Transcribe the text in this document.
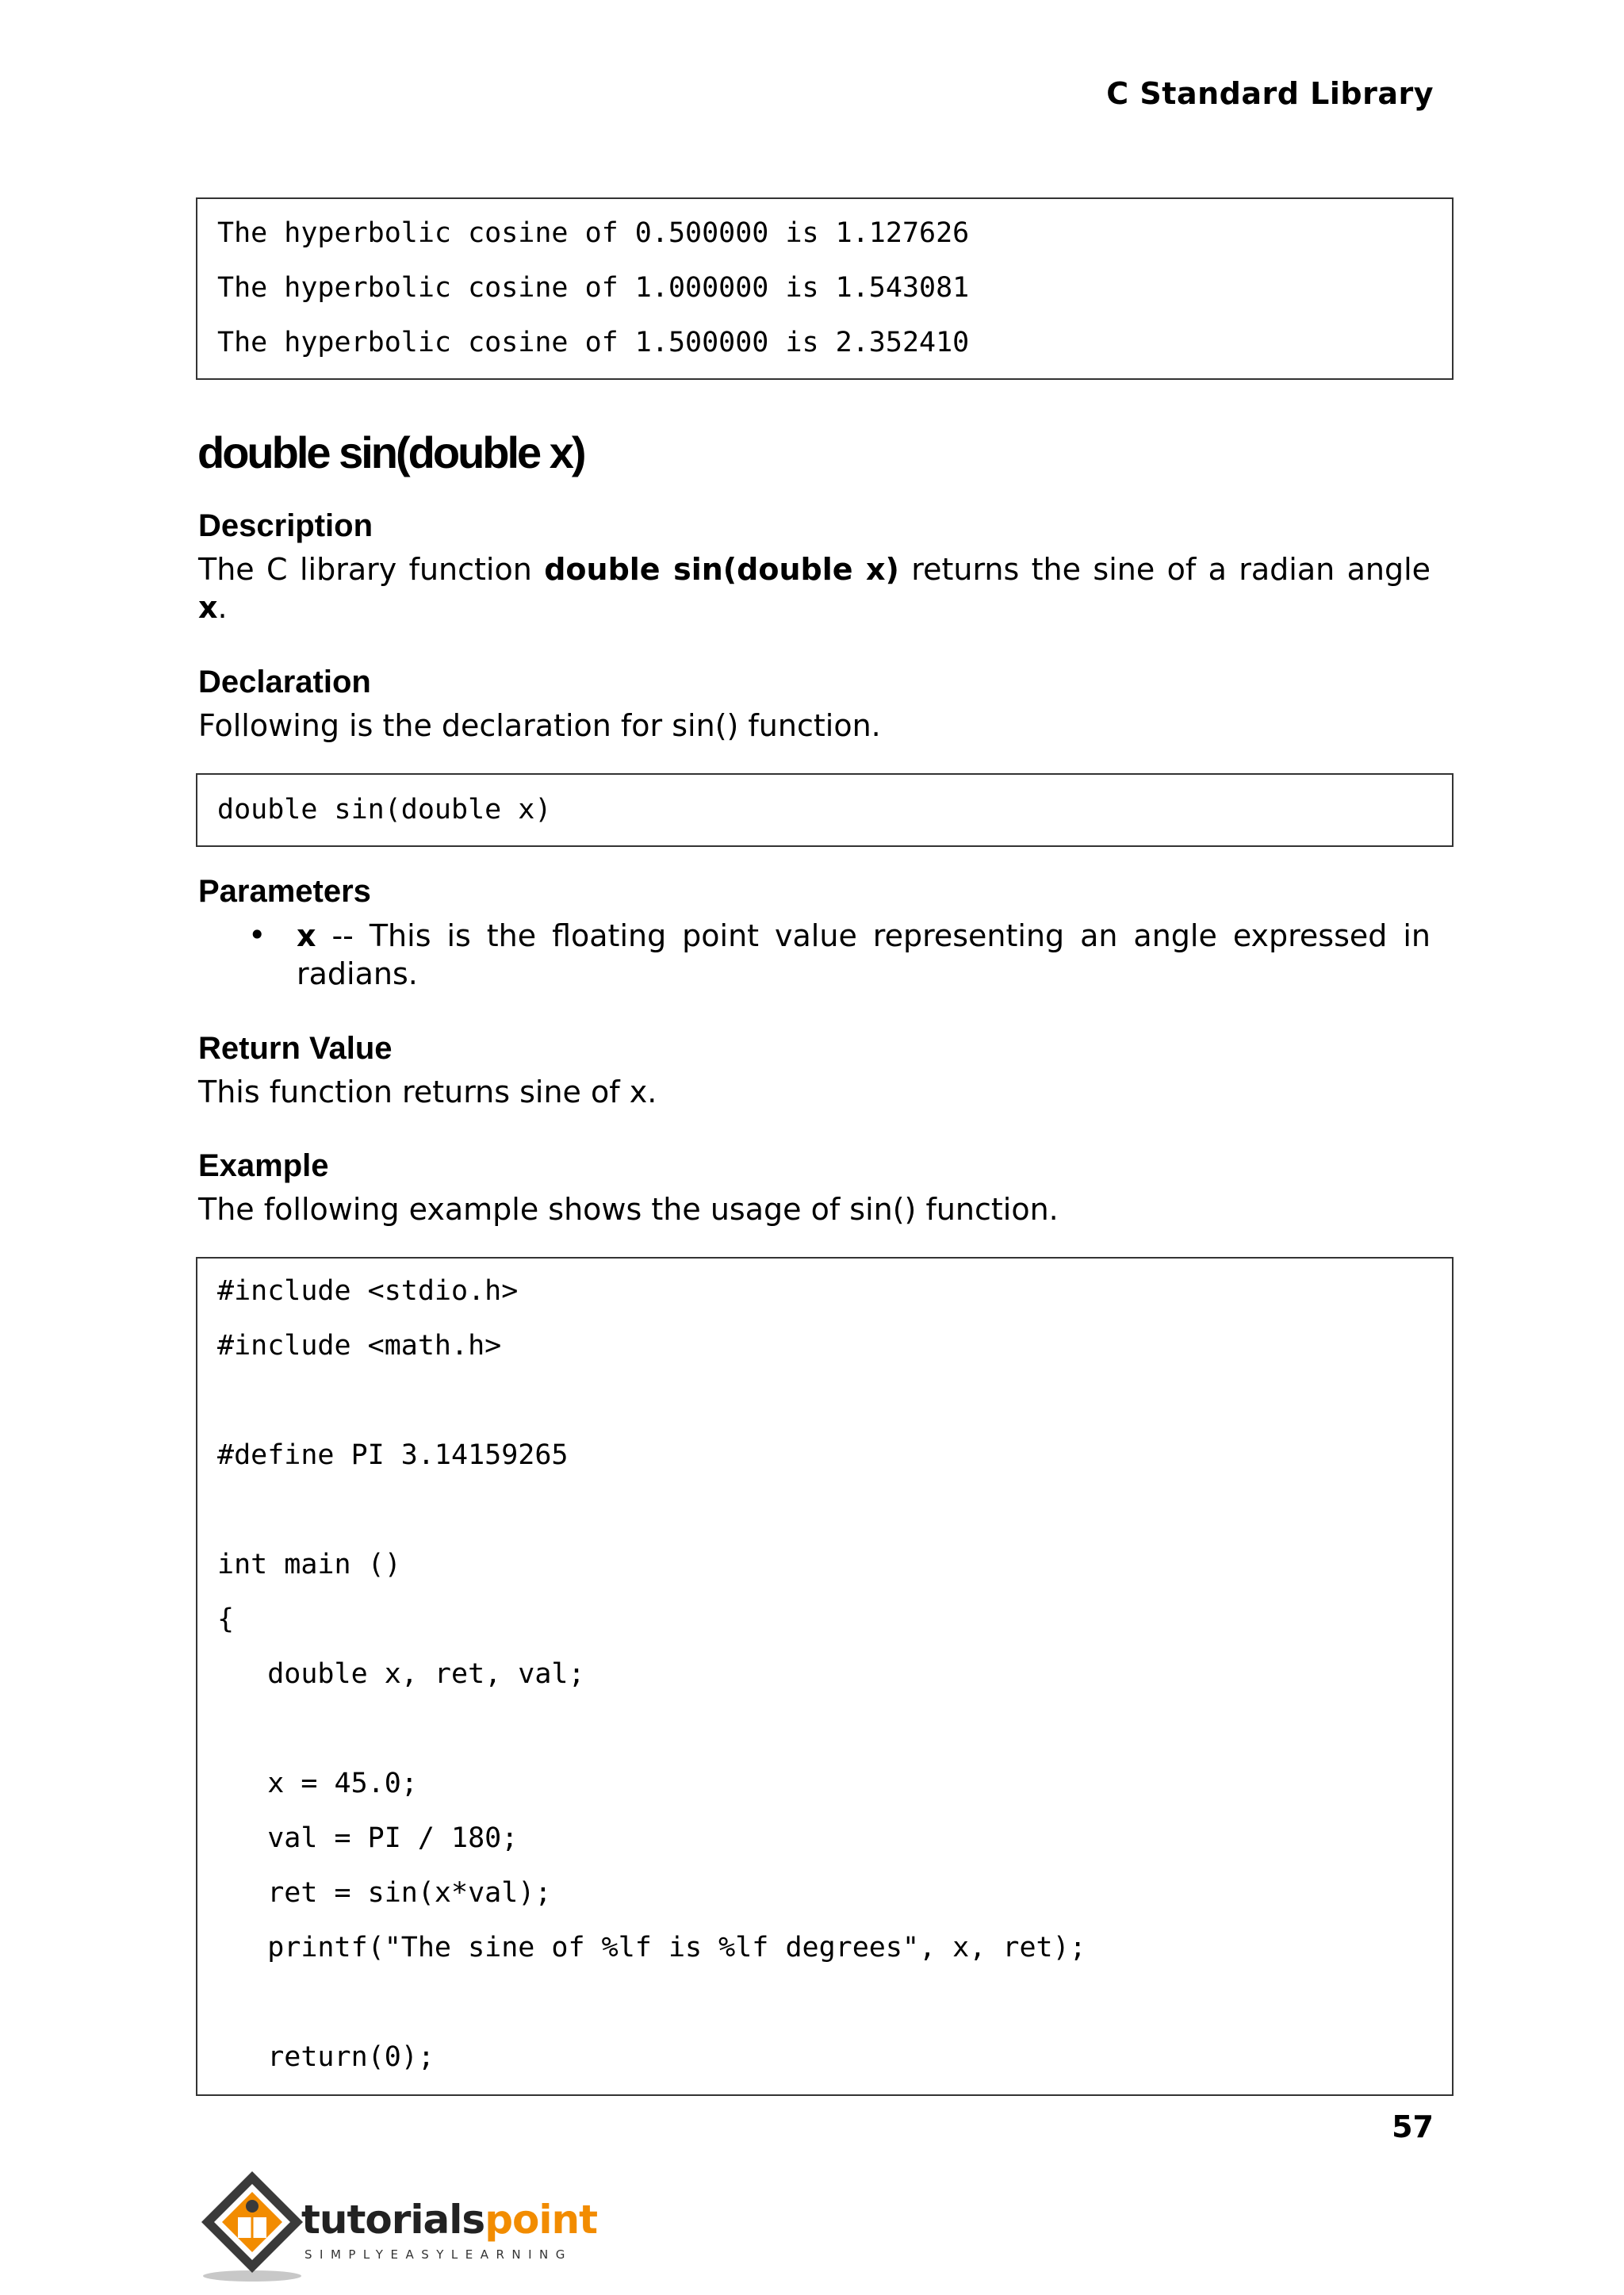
C Standard Library
The hyperbolic cosine of 0.500000 is 1.127626
The hyperbolic cosine of 1.000000 is 1.543081
The hyperbolic cosine of 1.500000 is 2.352410
double sin(double x)
Description
The C library function double sin(double x) returns the sine of a radian angle x.
Declaration
Following is the declaration for sin() function.
double sin(double x)
Parameters
• x -- This is the floating point value representing an angle expressed in radians.
Return Value
This function returns sine of x.
Example
The following example shows the usage of sin() function.
#include <stdio.h>
#include <math.h>
#define PI 3.14159265
int main ()
{
double x, ret, val;
x = 45.0;
val = PI / 180;
ret = sin(x*val);
printf("The sine of %lf is %lf degrees", x, ret);
return(0);
57
tutorialspoint
SIMPLYEASYLEARNING
